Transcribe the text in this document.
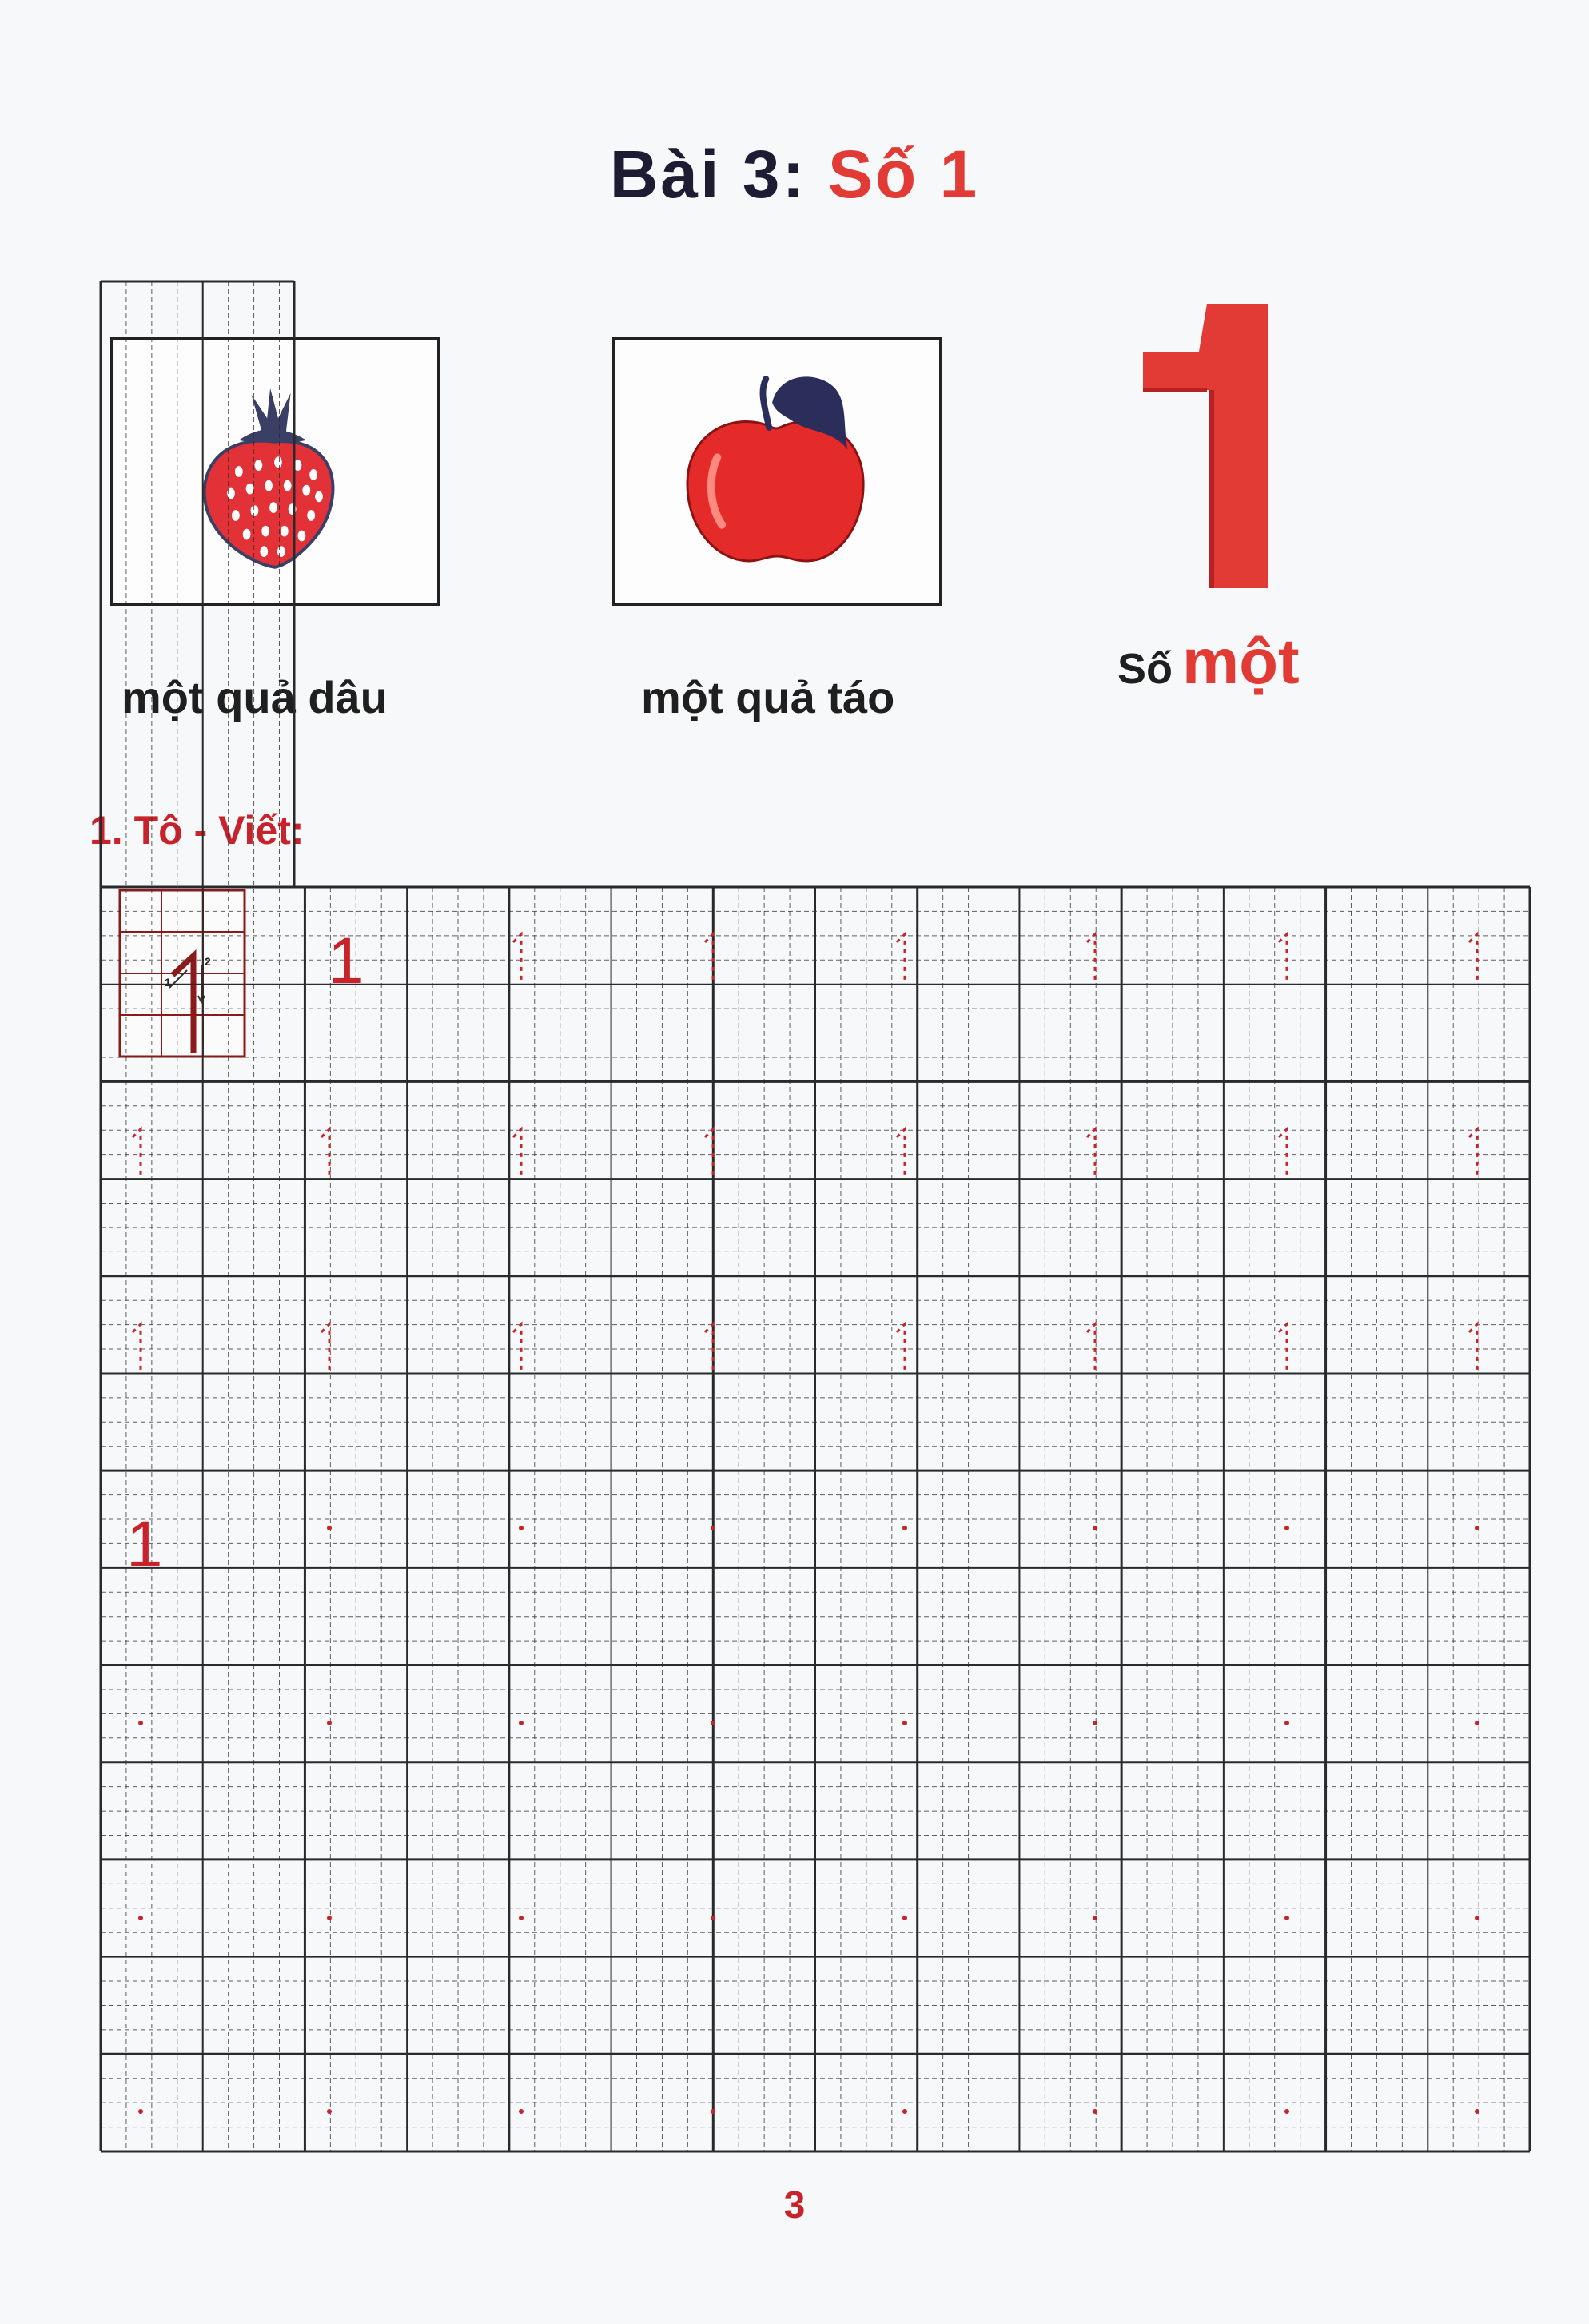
Bài 3: Số 1
một quả dâu	một quả táo
Số một
1. Tô - Viết:
1
2 1
1
3
